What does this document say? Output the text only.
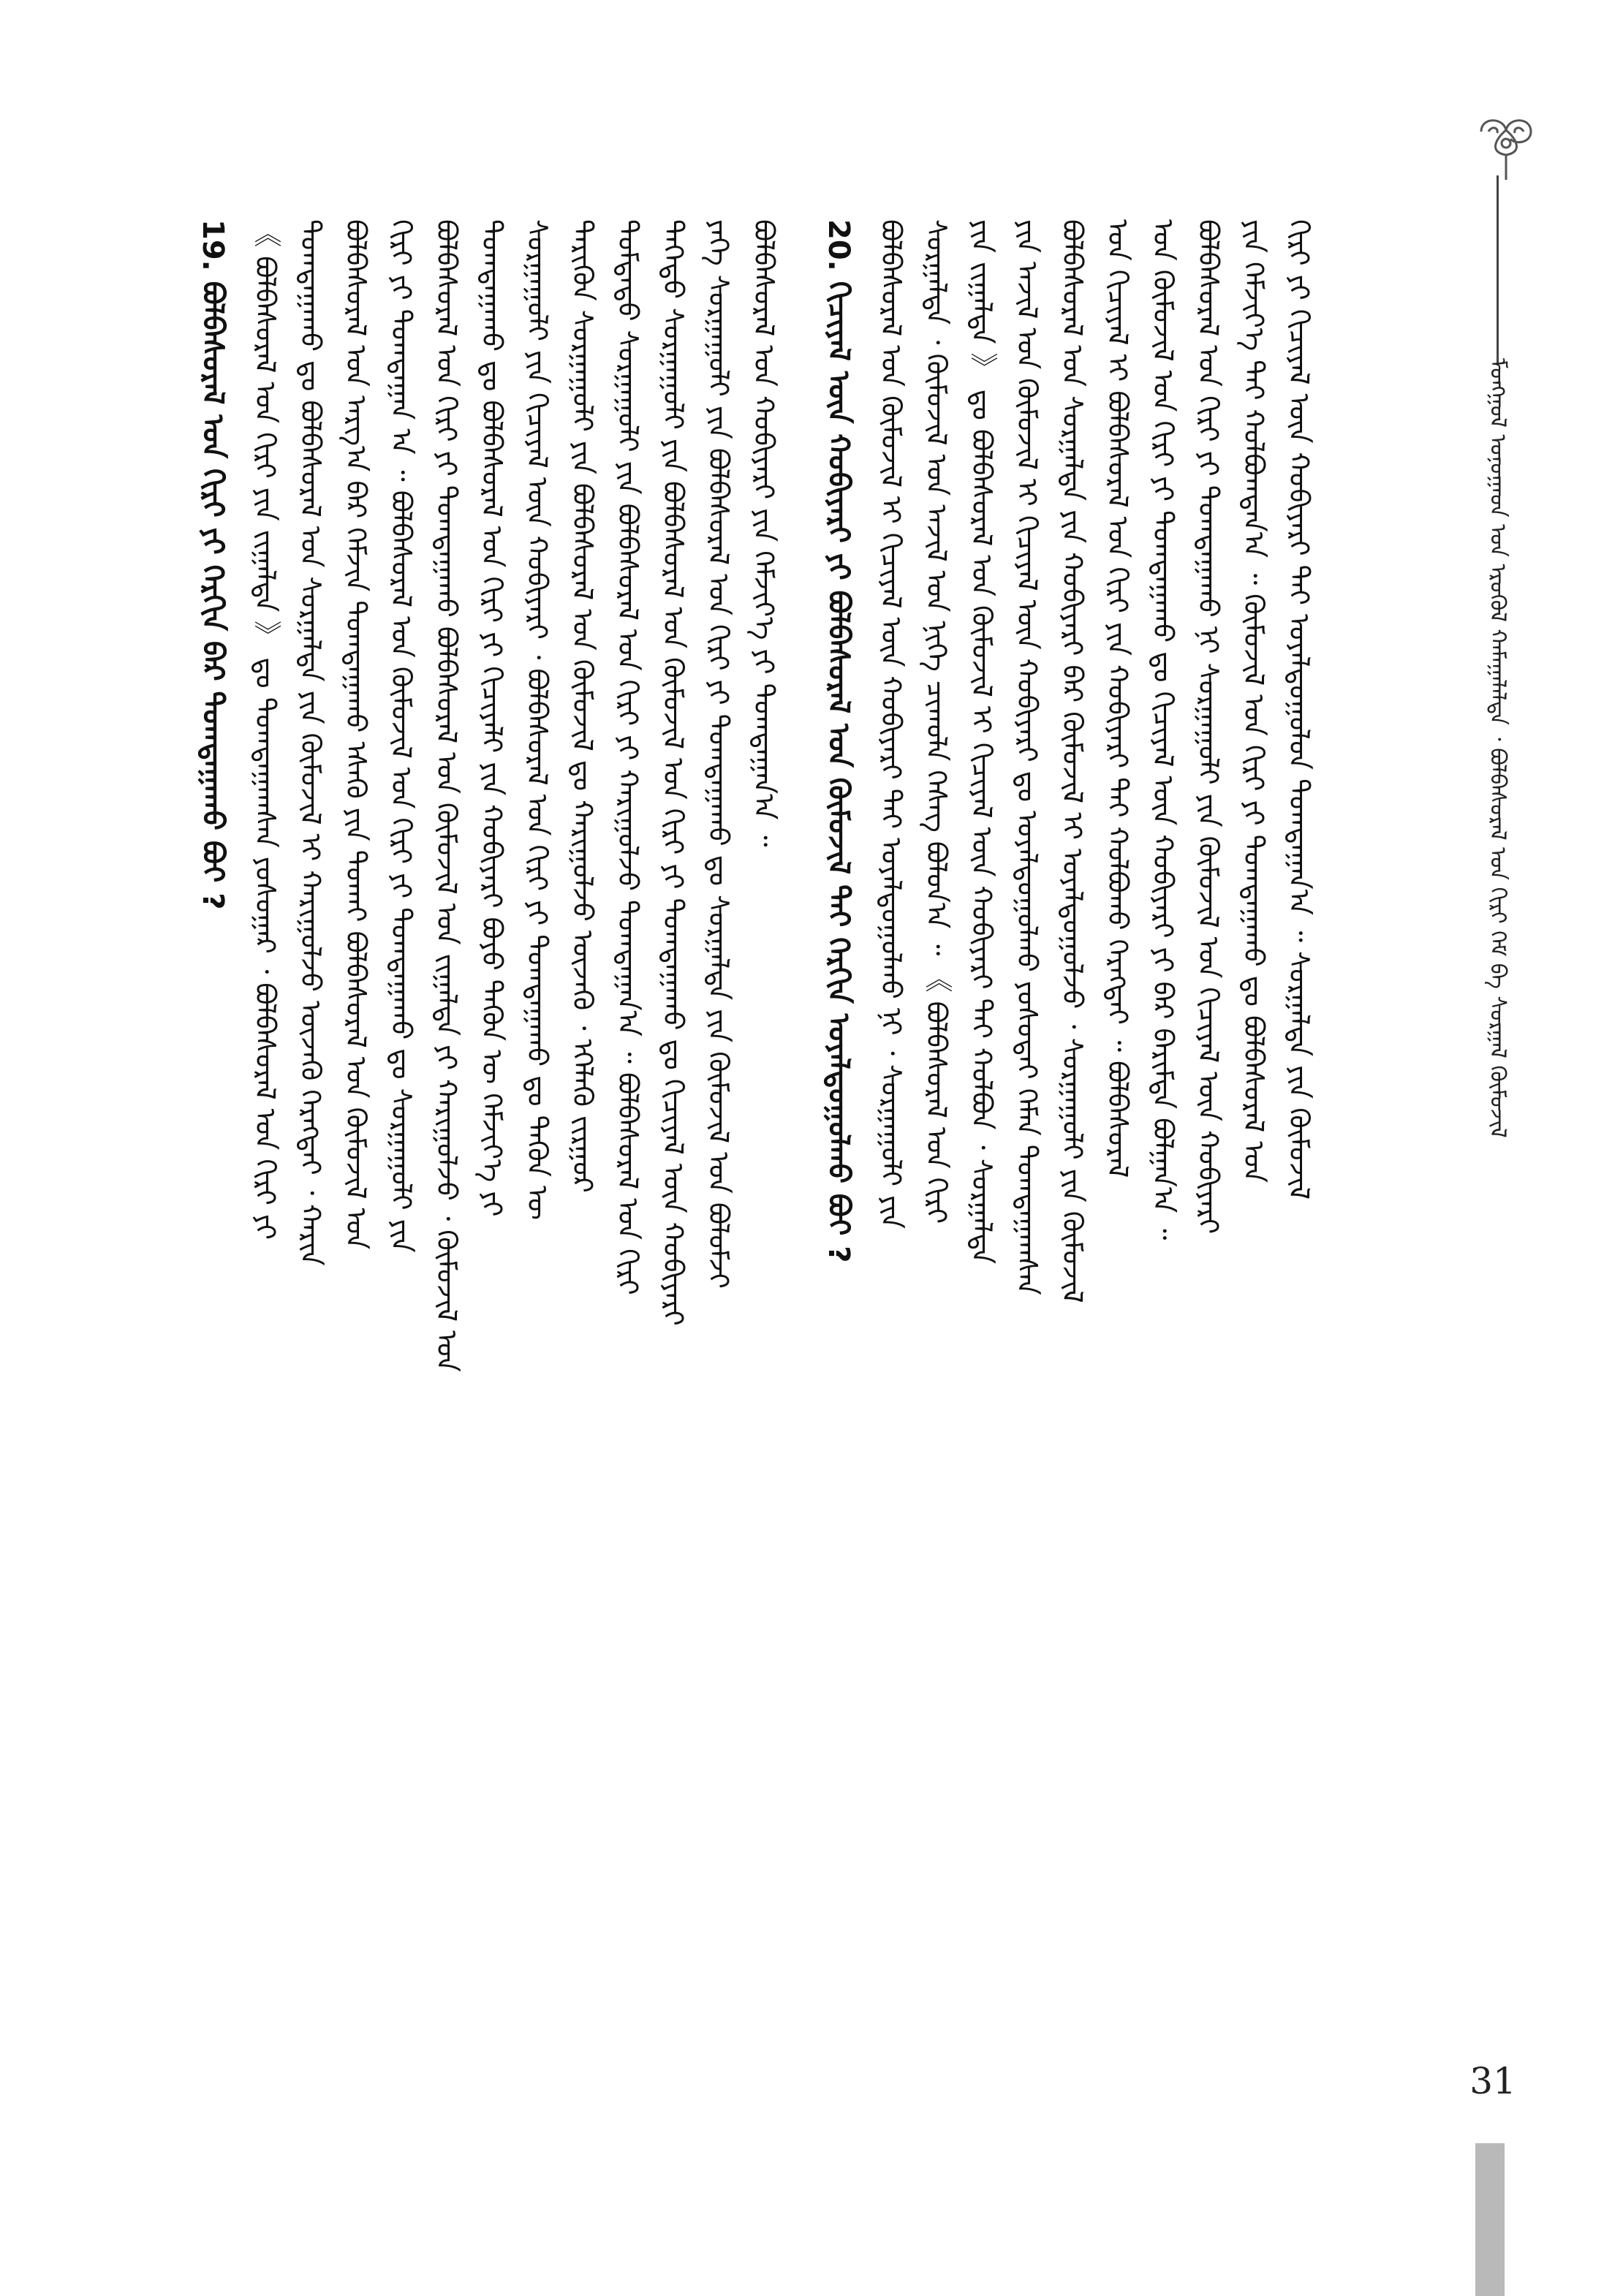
ᠮᠣᠩᠭᠣᠯ ᠤᠨᠤᠭᠠᠳ ᠤᠨ ᠡᠷᠦᠭᠦᠯ ᠬᠠᠮᠠᠭᠠᠯᠠᠯᠲᠠ ᠂ ᠪᠣᠯᠪᠠᠰᠤᠷᠠᠯ ᠤᠨ ᠬᠢᠷᠢ ᠬᠡᠮ ᠪᠠ ᠰᠤᠷᠭᠠᠯ ᠬᠦᠮᠦᠵᠢᠯ
19. ᠪᠣᠯᠪᠠᠰᠤᠷᠠᠯ ᠤᠨ ᠬᠢᠷᠢ ᠶᠢ ᠬᠡᠷᠬᠢᠨ ᠪᠠᠷ ᠲᠣᠭᠲᠠᠭᠠᠬᠤ ᠪᠤᠢ ? 《 ᠪᠣᠯᠪᠠᠰᠤᠷᠠᠯ ᠤᠨ ᠬᠢᠷᠢ ᠶᠢᠨ ᠵᠢᠭᠠᠯᠲᠠ 》 ᠳᠤ ᠲᠣᠭᠲᠠᠭᠠᠭᠰᠠᠨ ᠶᠣᠰᠣᠭᠠᠷ ᠂ ᠪᠣᠯᠪᠠᠰᠤᠷᠠᠯ ᠤᠨ ᠬᠢᠷᠢ ᠶᠢ ᠲᠣᠭᠲᠠᠭᠠᠬᠤ ᠳᠤ ᠪᠣᠯᠪᠠᠰᠤᠷᠠᠯ ᠤᠨ ᠰᠤᠷᠭᠠᠯᠲᠠ ᠶᠢᠨ ᠬᠦᠮᠦᠵᠢᠯ ᠢ ᠬᠠᠷᠢᠭᠤᠯᠵᠤ ᠦᠵᠡᠬᠦ ᠬᠡᠷᠡᠭᠲᠡᠢ ᠂ ᠬᠠᠷᠢᠨ ᠪᠣᠯᠪᠠᠰᠤᠷᠠᠯ ᠤᠨ ᠠᠷᠭ᠎ᠠ ᠪᠠᠷ ᠬᠡᠮᠵᠢᠨ ᠲᠣᠭᠲᠠᠭᠠᠬᠤ ᠡᠰᠡᠬᠦ ᠶᠢᠨ ᠲᠤᠬᠠᠢ ᠪᠣᠯᠪᠠᠰᠤᠷᠠᠯ ᠤᠨ ᠬᠦᠮᠦᠵᠢᠯ ᠤᠨ ᠬᠢᠷᠢ ᠶᠢ ᠲᠣᠭᠲᠠᠭᠠᠨ ᠠ ᠃ ᠪᠣᠯᠪᠠᠰᠤᠷᠠᠯ ᠤᠨ ᠬᠦᠮᠦᠵᠢᠯ ᠤᠨ ᠬᠢᠷᠢ ᠶᠢ ᠲᠣᠭᠲᠠᠭᠠᠬᠤ ᠳᠤ ᠰᠤᠷᠭᠠᠭᠤᠯᠢ ᠶᠢᠨ ᠪᠣᠯᠪᠠᠰᠤᠷᠠᠯ ᠤᠨ ᠬᠢᠷᠢ ᠶᠢ ᠲᠣᠭᠲᠠᠭᠠᠬᠤ ᠪᠣᠯᠪᠠᠰᠤᠷᠠᠯ ᠤᠨ ᠬᠦᠮᠦᠵᠢᠯ ᠤᠨ ᠵᠢᠭᠠᠯᠲᠠ ᠶᠢ ᠬᠠᠷᠢᠭᠤᠯᠵᠤ ᠂ ᠬᠦᠮᠦᠵᠢᠯ ᠤᠨ ᠲᠣᠭᠲᠠᠭᠠᠬᠤ ᠳᠤ ᠪᠣᠯᠪᠠᠰᠤᠷᠠᠯ ᠤᠨ ᠬᠢᠷᠢ ᠶᠢ ᠬᠢᠴᠢᠶᠡᠯᠢ ᠶᠢᠨ ᠬᠤᠪᠢᠶᠠᠷᠢ ᠪᠤᠶᠤ ᠲᠡᠭᠦᠨ ᠦ ᠬᠡᠮᠵᠢᠶ᠎ᠡ ᠶᠢ ᠰᠤᠷᠭᠠᠭᠤᠯᠢ ᠶᠢᠨ ᠬᠢᠴᠢᠶᠡᠯ ᠦᠨ ᠬᠤᠪᠢᠶᠠᠷᠢ ᠂ ᠪᠣᠯᠪᠠᠰᠤᠷᠠᠯ ᠤᠨ ᠬᠢᠷᠢ ᠶᠢ ᠲᠣᠭᠲᠠᠭᠠᠬᠤ ᠳᠤ ᠲᠡᠭᠦᠨ ᠦ ᠲᠡᠷᠢᠭᠦᠨ ᠰᠤᠷᠭᠠᠭᠤᠯᠢ ᠶᠢᠨ ᠪᠣᠯᠪᠠᠰᠤᠷᠠᠯ ᠤᠨ ᠬᠦᠮᠦᠵᠢᠯ ᠳᠤ ᠬᠠᠷᠢᠭᠤᠯᠵᠤ ᠦᠵᠡᠬᠦ ᠂ ᠡᠬᠡᠯᠡᠬᠦ ᠵᠢᠷᠭᠤᠷ ᠳᠤᠮᠳᠠᠳᠤ ᠰᠤᠷᠭᠠᠭᠤᠯᠢ ᠶᠢᠨ ᠪᠣᠯᠪᠠᠰᠤᠷᠠᠯ ᠤᠨ ᠬᠢᠷᠢ ᠶᠢ ᠬᠠᠷᠢᠭᠤᠯᠵᠤ ᠲᠣᠭᠲᠠᠭᠠᠨ᠎ᠠ ᠃ ᠪᠣᠯᠪᠠᠰᠤᠷᠠᠯ ᠤᠨ ᠬᠢᠷᠢ ᠳᠡᠭᠡᠳᠦ ᠰᠤᠷᠭᠠᠭᠤᠯᠢ ᠶᠢᠨ ᠪᠣᠯᠪᠠᠰᠤᠷᠠᠯ ᠤᠨ ᠬᠦᠮᠦᠵᠢᠯ ᠤᠨ ᠬᠢᠷᠢ ᠶᠢ ᠲᠣᠭᠲᠠᠭᠠᠬᠤ ᠳᠤ ᠬᠢᠴᠢᠶᠡᠯ ᠦᠨ ᠬᠤᠪᠢᠶᠠᠷᠢ ᠶᠡᠬᠡ ᠰᠤᠷᠭᠠᠭᠤᠯᠢ ᠶᠢᠨ ᠪᠣᠯᠪᠠᠰᠤᠷᠠᠯ ᠤᠨ ᠬᠢᠷᠢ ᠶᠢ ᠲᠣᠭᠲᠠᠭᠠᠬᠤ ᠳᠤ ᠰᠤᠷᠭᠠᠯᠲᠠ ᠶᠢᠨ ᠬᠦᠮᠦᠵᠢᠯ ᠤᠨ ᠪᠣᠯᠤᠮᠵᠢ ᠪᠣᠯᠪᠠᠰᠤᠷᠠᠯ ᠤᠨ ᠬᠤᠪᠢᠶᠠᠷᠢ ᠶᠢᠨ ᠬᠡᠮᠵᠢᠶ᠎ᠡ ᠶᠢ ᠲᠣᠭᠲᠠᠭᠠᠨ᠎ᠠ ᠃ 20. ᠬᠢᠴᠢᠶᠡᠯ ᠦᠨ ᠬᠤᠪᠢᠶᠠᠷᠢ ᠶᠢ ᠪᠣᠯᠪᠠᠰᠤᠷᠠᠯ ᠤᠨ ᠬᠦᠮᠦᠵᠢᠯ ᠲᠡᠢ ᠬᠡᠷᠬᠢᠨ ᠤᠶᠠᠯᠳᠤᠭᠤᠯᠬᠤ ᠪᠤᠢ ? ᠪᠣᠯᠪᠠᠰᠤᠷᠠᠯ ᠤᠨ ᠬᠦᠮᠦᠵᠢᠯ ᠢ ᠬᠢᠴᠢᠶᠡᠯ ᠦᠨ ᠬᠤᠪᠢᠶᠠᠷᠢ ᠲᠠᠢ ᠤᠶᠠᠯᠳᠤᠭᠤᠯᠬᠤ ᠨᠢ ᠂ ᠰᠤᠷᠭᠠᠭᠤᠯᠢ ᠶᠢᠨ ᠰᠤᠷᠭᠠᠯᠲᠠ ᠂ ᠬᠦᠮᠦᠵᠢᠯ ᠤᠨ ᠠᠵᠢᠯ ᠤᠨ ᠨᠢᠭᠡ ᠴᠢᠬᠤᠯᠠ ᠬᠡᠰᠡᠭ ᠪᠣᠯᠤᠨ᠎ᠠ ᠃ 《 ᠪᠣᠯᠪᠠᠰᠤᠷᠠᠯ ᠤᠨ ᠬᠢᠷᠢ ᠶᠢᠨ ᠵᠢᠭᠠᠯᠲᠠ 》 ᠳᠤ ᠪᠣᠯᠪᠠᠰᠤᠷᠠᠯ ᠤᠨ ᠬᠦᠮᠦᠵᠢᠯ ᠢ ᠬᠢᠴᠢᠶᠡᠯ ᠦᠨ ᠬᠤᠪᠢᠶᠠᠷᠢ ᠲᠠᠢ ᠬᠣᠯᠪᠣᠨ ᠂ ᠰᠤᠷᠭᠠᠯᠲᠠ ᠶᠢᠨ ᠠᠵᠢᠯ ᠤᠨ ᠬᠦᠮᠦᠵᠢᠯ ᠢ ᠬᠢᠴᠢᠶᠡᠯ ᠦᠨ ᠬᠤᠪᠢᠶᠠᠷᠢ ᠳᠤ ᠤᠶᠠᠯᠳᠤᠭᠤᠯᠬᠤ ᠶᠣᠰᠣᠲᠠᠢ ᠬᠡᠮᠡᠨ ᠲᠣᠭᠲᠠᠭᠠᠭᠰᠠᠨ ᠪᠣᠯᠪᠠᠰᠤᠷᠠᠯ ᠤᠨ ᠰᠤᠷᠭᠠᠯᠲᠠ ᠶᠢᠨ ᠬᠤᠪᠢᠶᠠᠷᠢ ᠪᠠᠷ ᠬᠦᠮᠦᠵᠢᠯ ᠢ ᠤᠶᠠᠯᠳᠤᠭᠤᠯᠵᠤ ᠂ ᠰᠤᠷᠭᠠᠭᠤᠯᠢ ᠶᠢᠨ ᠬᠦᠮᠦᠵᠢᠯ ᠤᠨ ᠬᠢᠴᠢᠶᠡᠯ ᠢ ᠪᠣᠯᠪᠠᠰᠤᠷᠠᠯ ᠤᠨ ᠬᠢᠷᠢ ᠶᠢᠨ ᠬᠤᠪᠢᠶᠠᠷᠢ ᠲᠠᠢ ᠬᠣᠯᠪᠣᠬᠤ ᠬᠡᠷᠡᠭᠲᠡᠢ ᠃ ᠪᠣᠯᠪᠠᠰᠤᠷᠠᠯ ᠤᠨ ᠬᠦᠮᠦᠵᠢᠯ ᠤᠨ ᠬᠢᠷᠢ ᠶᠢ ᠲᠣᠭᠲᠠᠭᠠᠬᠤ ᠳᠤ ᠬᠢᠴᠢᠶᠡᠯ ᠦᠨ ᠬᠤᠪᠢᠶᠠᠷᠢ ᠶᠢ ᠪᠡᠷ ᠪᠠᠷᠢᠮᠲᠠ ᠪᠣᠯᠭᠠᠨ᠎ᠠ ᠃ ᠪᠣᠯᠪᠠᠰᠤᠷᠠᠯ ᠤᠨ ᠬᠢᠷᠢ ᠶᠢ ᠲᠣᠭᠲᠠᠭᠠᠬᠤ ᠨᠢ ᠰᠤᠷᠭᠠᠭᠤᠯᠢ ᠶᠢᠨ ᠬᠦᠮᠦᠵᠢᠯ ᠤᠨ ᠬᠢᠴᠢᠶᠡᠯ ᠦᠨ ᠬᠤᠪᠢᠶᠠᠷᠢ ᠶᠢᠨ ᠬᠡᠮᠵᠢᠶ᠎ᠡ ᠲᠠᠢ ᠬᠣᠯᠪᠣᠭᠳᠠᠨ᠎ᠠ ᠃ ᠬᠦᠮᠦᠵᠢᠯ ᠤᠨ ᠬᠢᠷᠢ ᠶᠢ ᠲᠣᠭᠲᠠᠭᠠᠬᠤ ᠳᠤ ᠪᠣᠯᠪᠠᠰᠤᠷᠠᠯ ᠤᠨ ᠬᠢᠷᠢ ᠶᠢ ᠬᠢᠴᠢᠶᠡᠯ ᠦᠨ ᠬᠤᠪᠢᠶᠠᠷᠢ ᠲᠠᠢ ᠤᠶᠠᠯᠳᠤᠭᠤᠯᠤᠨ ᠲᠣᠭᠲᠠᠭᠠᠨ᠎ᠠ ᠃ ᠰᠤᠷᠭᠠᠯᠲᠠ ᠶᠢᠨ ᠬᠦᠮᠦᠵᠢᠯ
31
